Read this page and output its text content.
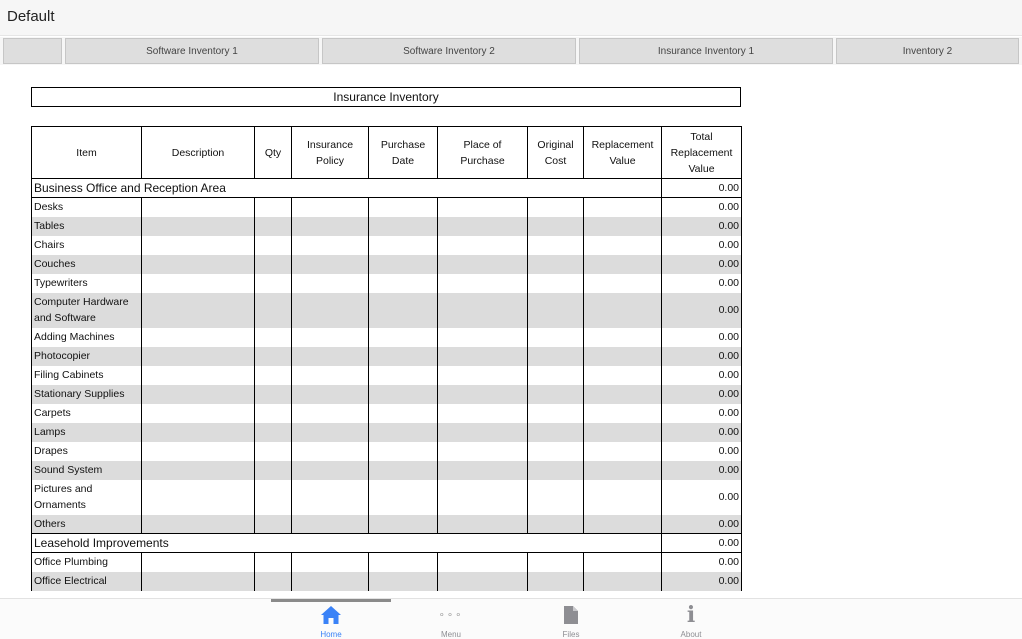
Default
Software Inventory 1	Software Inventory 2	Insurance Inventory 1	Inventory 2
Insurance Inventory
Item	Description	Qty	Insurance Policy	Purchase Date	Place of Purchase	Original Cost	Replacement Value	Total Replacement Value
Business Office and Reception Area								0.00
Desks								0.00
Tables								0.00
Chairs								0.00
Couches								0.00
Typewriters								0.00
Computer Hardware and Software								0.00
Adding Machines								0.00
Photocopier								0.00
Filing Cabinets								0.00
Stationary Supplies								0.00
Carpets								0.00
Lamps								0.00
Drapes								0.00
Sound System								0.00
Pictures and Ornaments								0.00
Others								0.00
Leasehold Improvements								0.00
Office Plumbing								0.00
Office Electrical								0.00
Home
∘∘∘
Menu	Files
i
About
